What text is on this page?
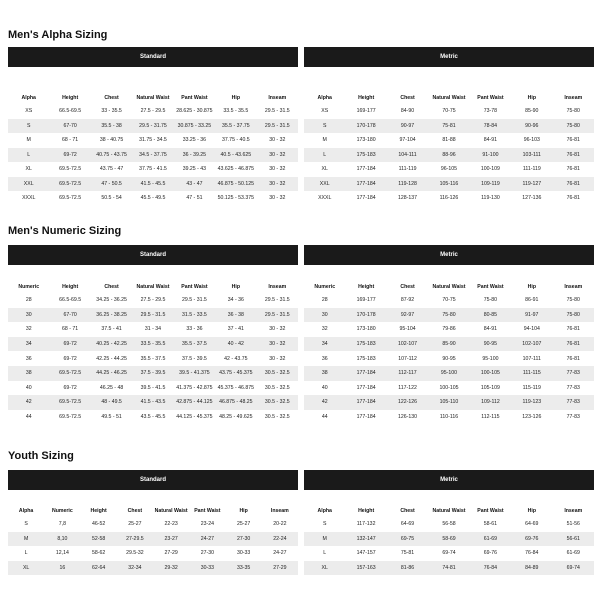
Men's Alpha Sizing
Standard						
Alpha	Height	Chest	Natural Waist	Pant Waist	Hip	Inseam
XS	66.5-69.5	33 - 35.5	27.5 - 29.5	28.625 - 30.875	33.5 - 35.5	29.5 - 31.5
S	67-70	35.5 - 38	29.5 - 31.75	30.875 - 33.25	35.5 - 37.75	29.5 - 31.5
M	68 - 71	38 - 40.75	31.75 - 34.5	33.25 - 36	37.75 - 40.5	30 - 32
L	69-72	40.75 - 43.75	34.5 - 37.75	36 - 39.25	40.5 - 43.625	30 - 32
XL	69.5-72.5	43.75 - 47	37.75 - 41.5	39.25 - 43	43.625 - 46.875	30 - 32
XXL	69.5-72.5	47 - 50.5	41.5 - 45.5	43 - 47	46.875 - 50.125	30 - 32
XXXL	69.5-72.5	50.5 - 54	45.5 - 49.5	47 - 51	50.125 - 53.375	30 - 32
Metric						
Alpha	Height	Chest	Natural Waist	Pant Waist	Hip	Inseam
XS	169-177	84-90	70-75	73-78	85-90	75-80
S	170-178	90-97	75-81	78-84	90-96	75-80
M	173-180	97-104	81-88	84-91	96-103	76-81
L	175-183	104-111	88-96	91-100	103-111	76-81
XL	177-184	111-119	96-105	100-109	111-119	76-81
XXL	177-184	119-128	105-116	109-119	119-127	76-81
XXXL	177-184	128-137	116-126	119-130	127-136	76-81
Men's Numeric Sizing
Standard						
Numeric	Height	Chest	Natural Waist	Pant Waist	Hip	Inseam
28	66.5-69.5	34.25 - 36.25	27.5 - 29.5	29.5 - 31.5	34 - 36	29.5 - 31.5
30	67-70	36.25 - 38.25	29.5 - 31.5	31.5 - 33.5	36 - 38	29.5 - 31.5
32	68 - 71	37.5 - 41	31 - 34	33 - 36	37 - 41	30 - 32
34	69-72	40.25 - 42.25	33.5 - 35.5	35.5 - 37.5	40 - 42	30 - 32
36	69-72	42.25 - 44.25	35.5 - 37.5	37.5 - 39.5	42 - 43.75	30 - 32
38	69.5-72.5	44.25 - 46.25	37.5 - 39.5	39.5 - 41.375	43.75 - 45.375	30.5 - 32.5
40	69-72	46.25 - 48	39.5 - 41.5	41.375 - 42.875	45.375 - 46.875	30.5 - 32.5
42	69.5-72.5	48 - 49.5	41.5 - 43.5	42.875 - 44.125	46.875 - 48.25	30.5 - 32.5
44	69.5-72.5	49.5 - 51	43.5 - 45.5	44.125 - 45.375	48.25 - 49.625	30.5 - 32.5
Metric						
Numeric	Height	Chest	Natural Waist	Pant Waist	Hip	Inseam
28	169-177	87-92	70-75	75-80	86-91	75-80
30	170-178	92-97	75-80	80-85	91-97	75-80
32	173-180	95-104	79-86	84-91	94-104	76-81
34	175-183	102-107	85-90	90-95	102-107	76-81
36	175-183	107-112	90-95	95-100	107-111	76-81
38	177-184	112-117	95-100	100-105	111-115	77-83
40	177-184	117-122	100-105	105-109	115-119	77-83
42	177-184	122-126	105-110	109-112	119-123	77-83
44	177-184	126-130	110-116	112-115	123-126	77-83
Youth Sizing
Standard							
Alpha	Numeric	Height	Chest	Natural Waist	Pant Waist	Hip	Inseam
S	7,8	46-52	25-27	22-23	23-24	25-27	20-22
M	8,10	52-58	27-29.5	23-27	24-27	27-30	22-24
L	12,14	58-62	29.5-32	27-29	27-30	30-33	24-27
XL	16	62-64	32-34	29-32	30-33	33-35	27-29
Metric						
Alpha	Height	Chest	Natural Waist	Pant Waist	Hip	Inseam
S	117-132	64-69	56-58	58-61	64-69	51-56
M	132-147	69-75	58-69	61-69	69-76	56-61
L	147-157	75-81	69-74	69-76	76-84	61-69
XL	157-163	81-86	74-81	76-84	84-89	69-74
